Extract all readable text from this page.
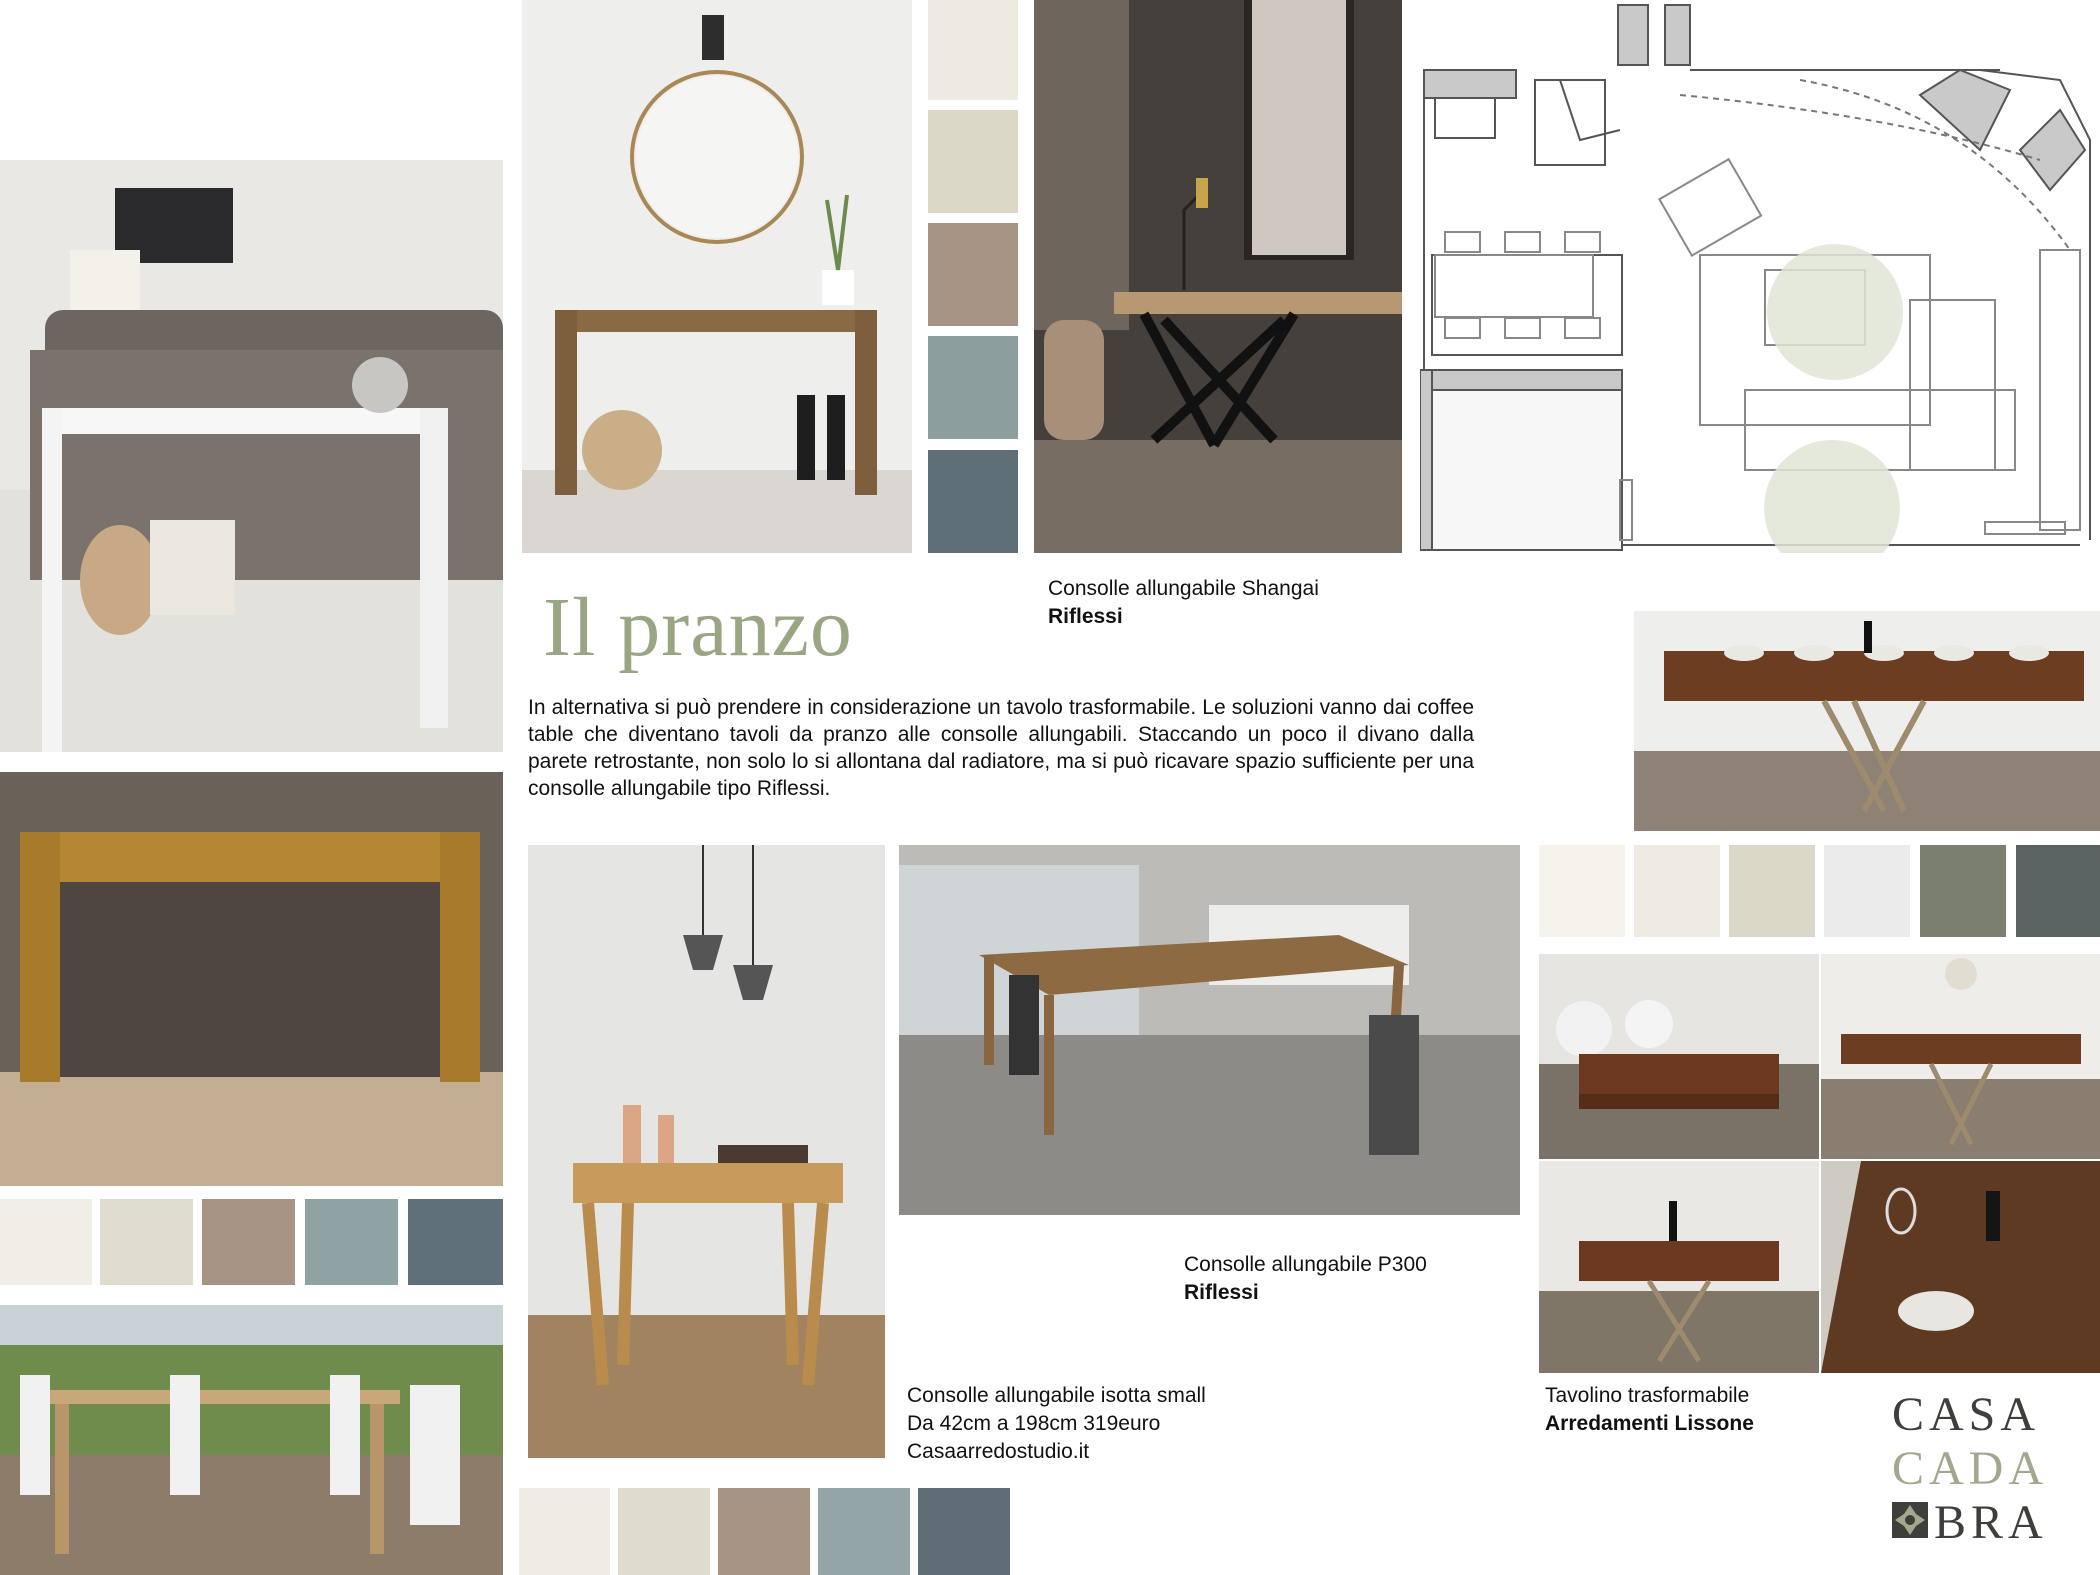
Il pranzo
In alternativa si può prendere in considerazione un tavolo trasformabile. Le soluzioni vanno dai coffee table che diventano tavoli da pranzo alle consolle allungabili. Staccando un poco il divano dalla parete retrostante, non solo lo si allontana dal radiatore, ma si può ricavare spazio sufficiente per una consolle allungabile tipo Riflessi.
Consolle allungabile Shangai
Riflessi
Consolle allungabile P300
Riflessi
Consolle allungabile isotta small
Da 42cm a 198cm 319euro
Casaarredostudio.it
Tavolino trasformabile
Arredamenti Lissone	CASA
CADA
BRA
